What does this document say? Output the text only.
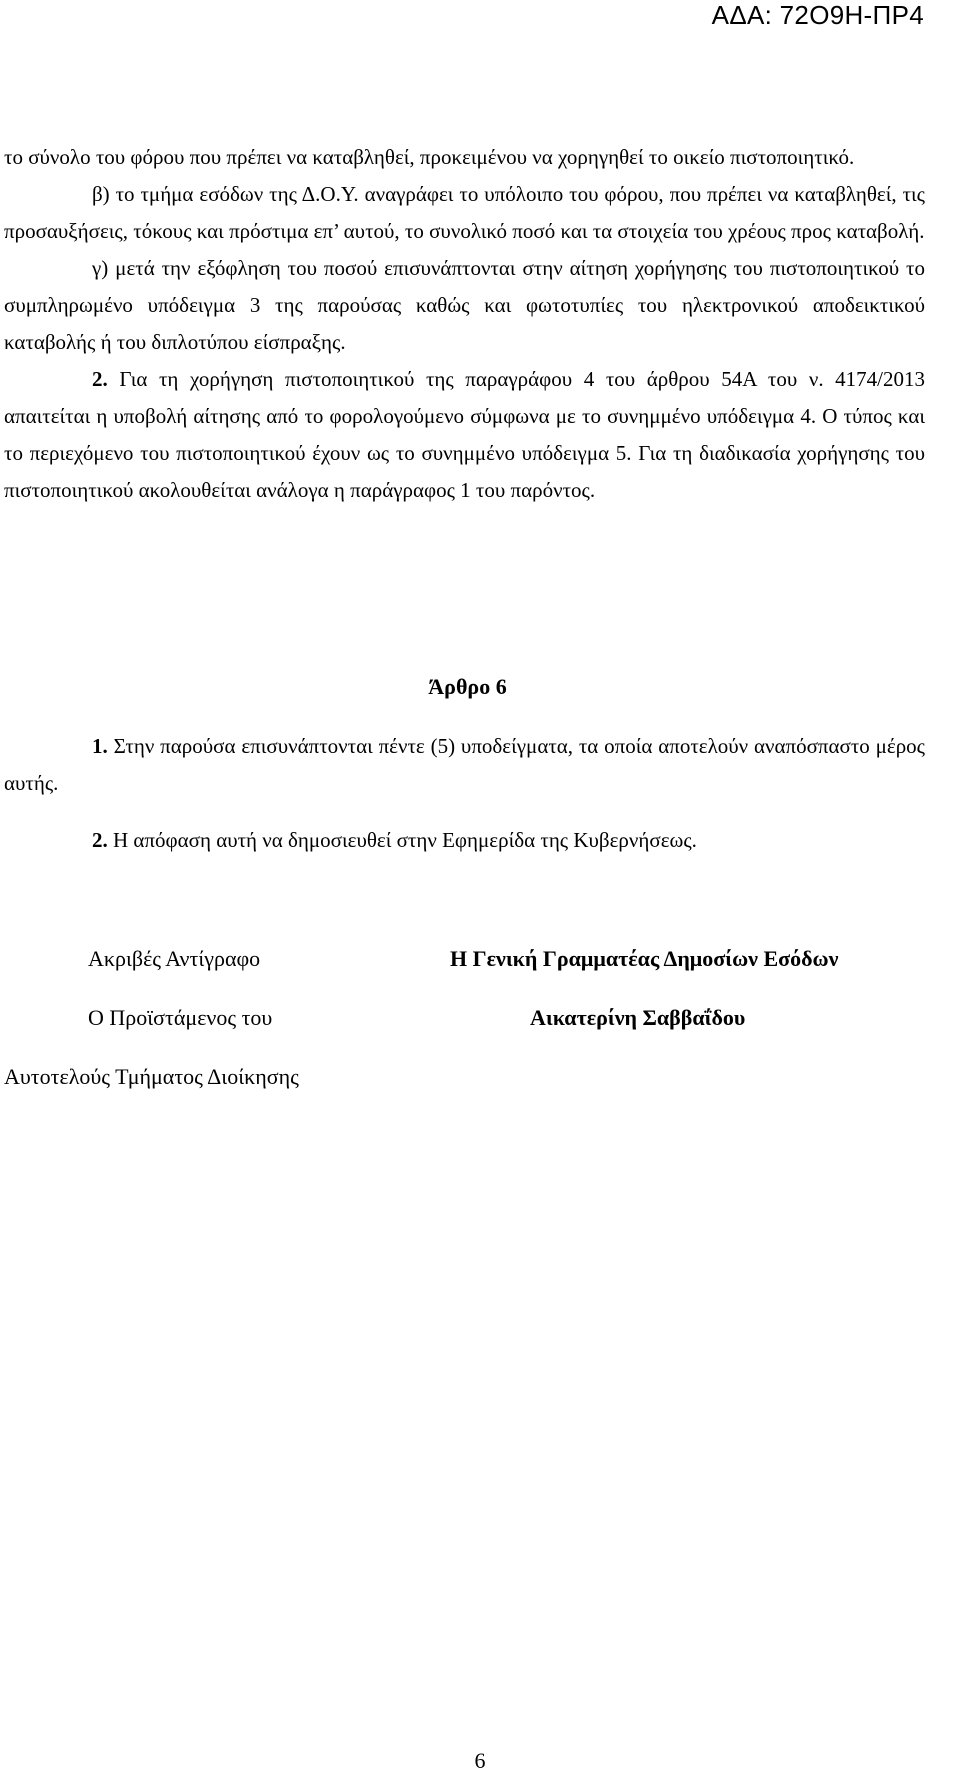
ΑΔΑ: 72Ο9Η-ΠΡ4

το σύνολο του φόρου που πρέπει να καταβληθεί, προκειμένου να χορηγηθεί το οικείο πιστοποιητικό.

β) το τμήμα εσόδων της Δ.Ο.Υ. αναγράφει το υπόλοιπο του φόρου, που πρέπει να καταβληθεί, τις προσαυξήσεις, τόκους και πρόστιμα επ’ αυτού, το συνολικό ποσό και τα στοιχεία του χρέους προς καταβολή.

γ) μετά την εξόφληση του ποσού επισυνάπτονται στην αίτηση χορήγησης του πιστοποιητικού το συμπληρωμένο υπόδειγμα 3 της παρούσας καθώς και φωτοτυπίες του ηλεκτρονικού αποδεικτικού καταβολής ή του διπλοτύπου είσπραξης.

2. Για τη χορήγηση πιστοποιητικού της παραγράφου 4 του άρθρου 54Α του ν. 4174/2013 απαιτείται η υποβολή αίτησης από το φορολογούμενο σύμφωνα με το συνημμένο υπόδειγμα 4. Ο τύπος και το περιεχόμενο του πιστοποιητικού έχουν ως το συνημμένο υπόδειγμα 5. Για τη διαδικασία χορήγησης του πιστοποιητικού ακολουθείται ανάλογα η παράγραφος 1 του παρόντος.

Άρθρο 6

1. Στην παρούσα επισυνάπτονται πέντε (5) υποδείγματα, τα οποία αποτελούν αναπόσπαστο μέρος αυτής.

2. Η απόφαση αυτή να δημοσιευθεί στην Εφημερίδα της Κυβερνήσεως.

Ακριβές Αντίγραφο
Ο Προϊστάμενος του
Αυτοτελούς Τμήματος Διοίκησης
Η Γενική Γραμματέας Δημοσίων Εσόδων
Αικατερίνη Σαββαΐδου
6
